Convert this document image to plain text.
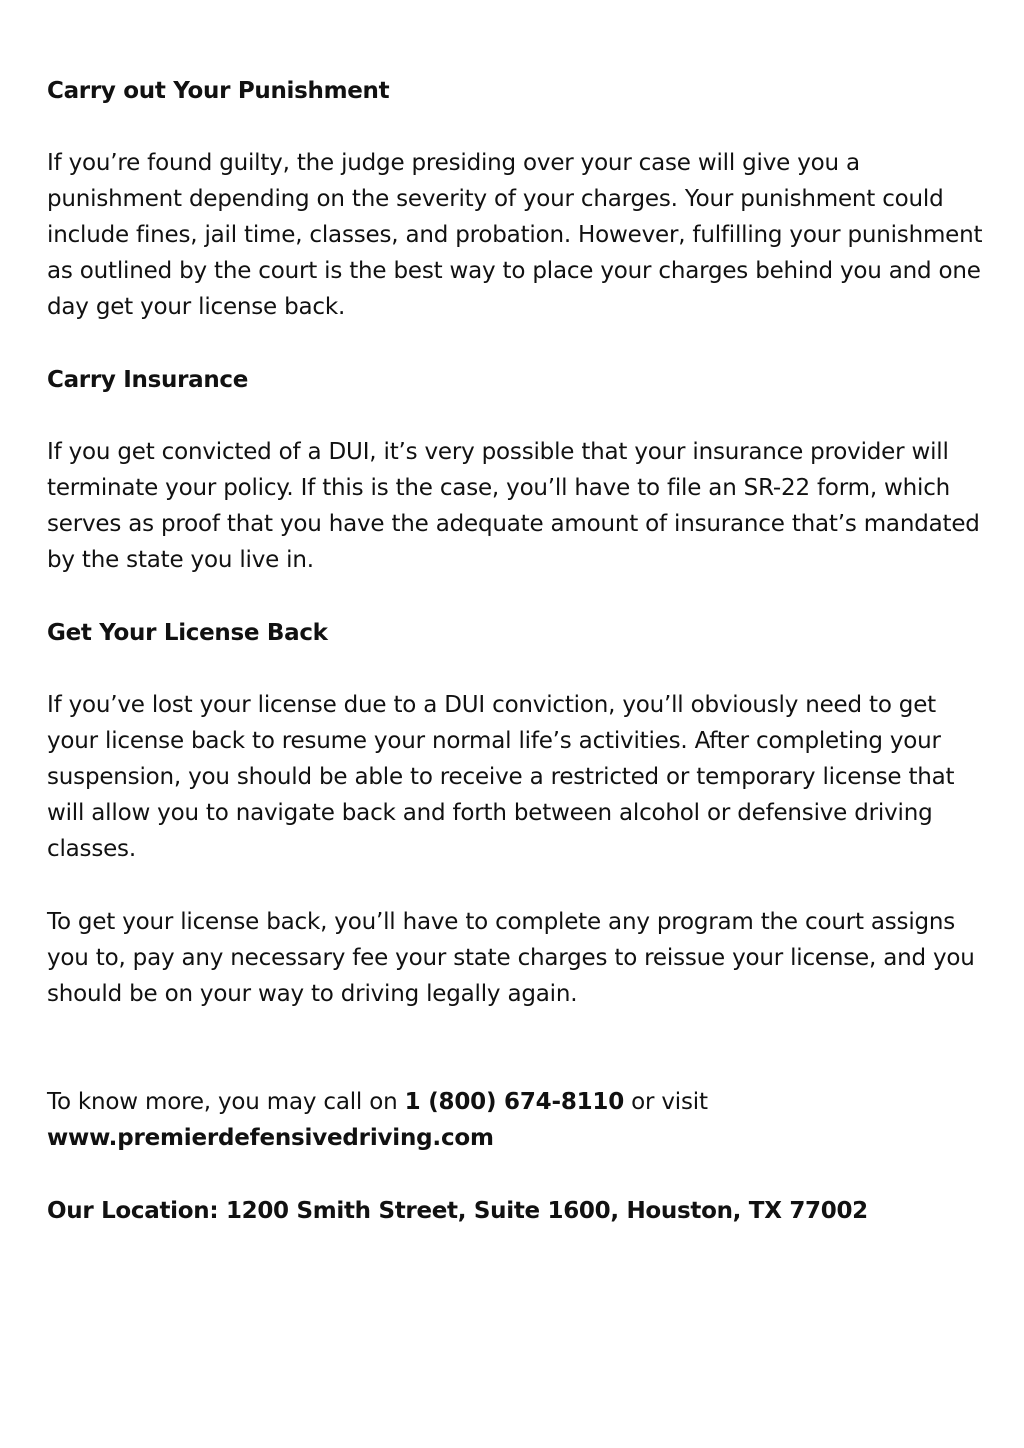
Carry out Your Punishment
If you’re found guilty, the judge presiding over your case will give you a punishment depending on the severity of your charges. Your punishment could include fines, jail time, classes, and probation. However, fulfilling your punishment as outlined by the court is the best way to place your charges behind you and one day get your license back.
Carry Insurance
If you get convicted of a DUI, it’s very possible that your insurance provider will terminate your policy. If this is the case, you’ll have to file an SR-22 form, which serves as proof that you have the adequate amount of insurance that’s mandated by the state you live in.
Get Your License Back
If you’ve lost your license due to a DUI conviction, you’ll obviously need to get your license back to resume your normal life’s activities. After completing your suspension, you should be able to receive a restricted or temporary license that will allow you to navigate back and forth between alcohol or defensive driving classes.
To get your license back, you’ll have to complete any program the court assigns you to, pay any necessary fee your state charges to reissue your license, and you should be on your way to driving legally again.
To know more, you may call on 1 (800) 674-8110 or visit
www.premierdefensivedriving.com
Our Location: 1200 Smith Street, Suite 1600, Houston, TX 77002
